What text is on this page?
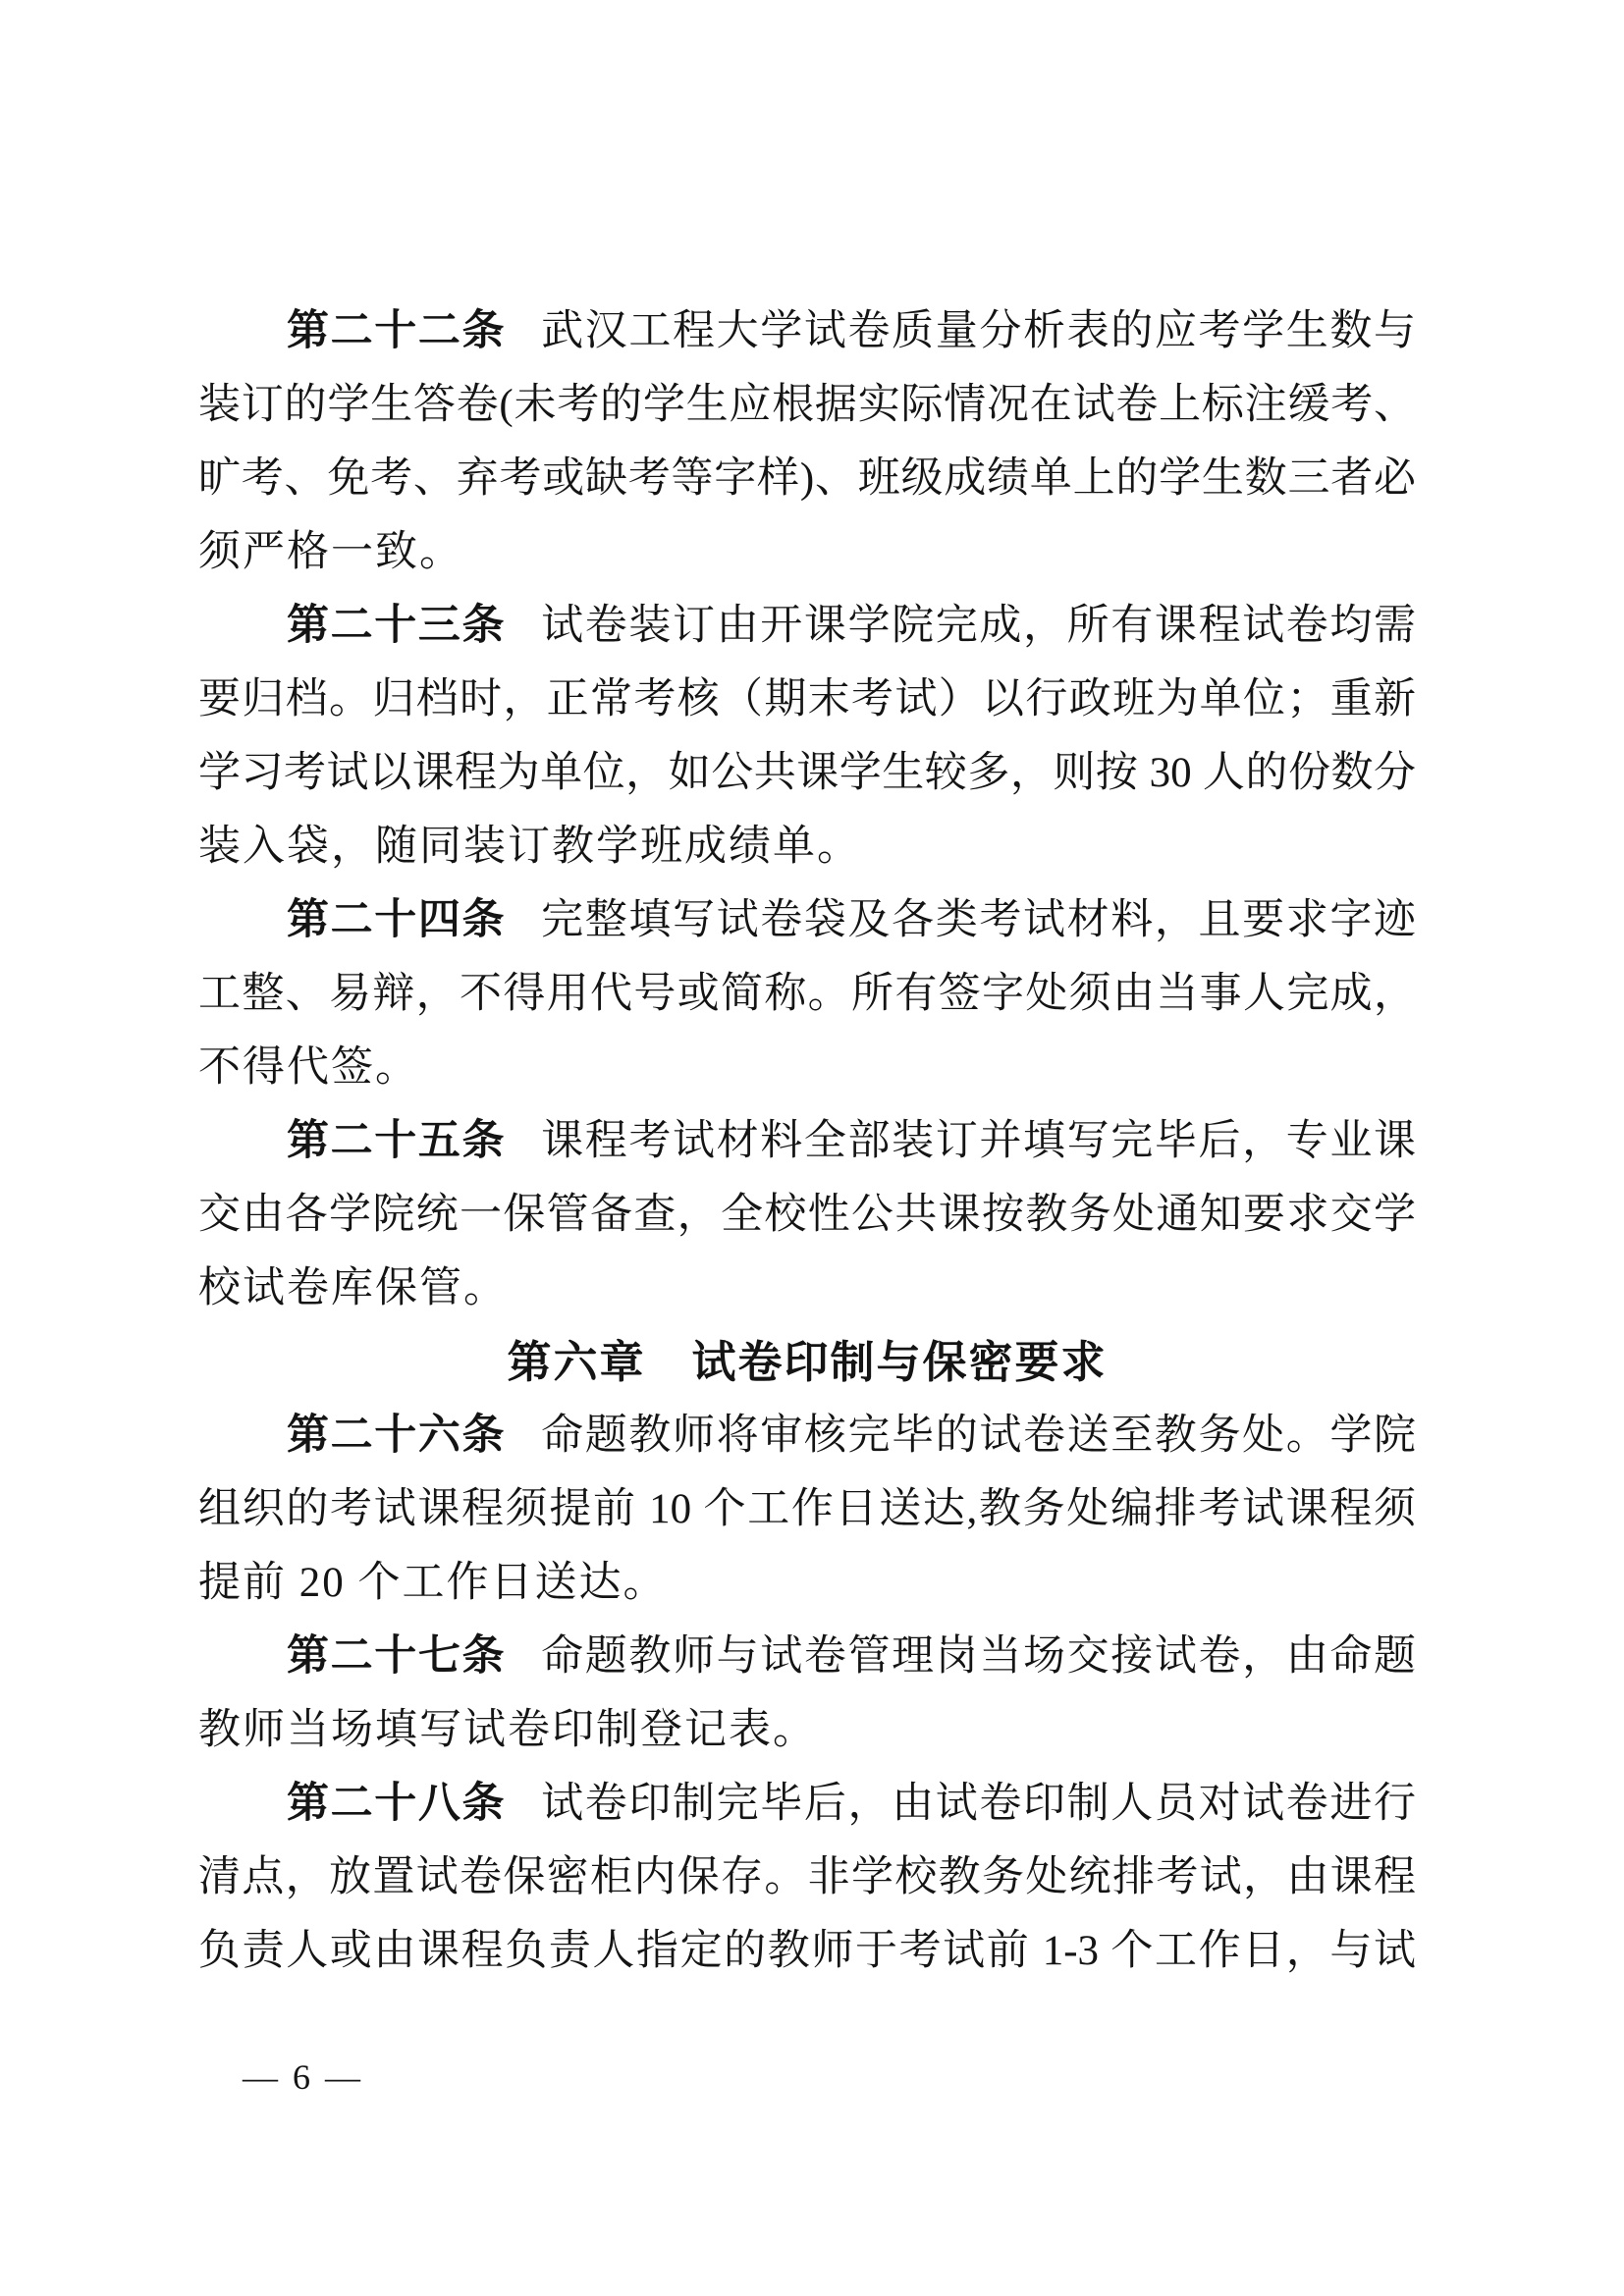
第二十二条 武汉工程大学试卷质量分析表的应考学生数与
装订的学生答卷(未考的学生应根据实际情况在试卷上标注缓考、
旷考、免考、弃考或缺考等字样)、班级成绩单上的学生数三者必
须严格一致。
第二十三条 试卷装订由开课学院完成，所有课程试卷均需
要归档。归档时，正常考核（期末考试）以行政班为单位；重新
学习考试以课程为单位，如公共课学生较多，则按 30 人的份数分
装入袋，随同装订教学班成绩单。
第二十四条 完整填写试卷袋及各类考试材料，且要求字迹
工整、易辩，不得用代号或简称。所有签字处须由当事人完成，
不得代签。
第二十五条 课程考试材料全部装订并填写完毕后，专业课
交由各学院统一保管备查，全校性公共课按教务处通知要求交学
校试卷库保管。
第六章　试卷印制与保密要求
第二十六条 命题教师将审核完毕的试卷送至教务处。学院
组织的考试课程须提前 10 个工作日送达,教务处编排考试课程须
提前 20 个工作日送达。
第二十七条 命题教师与试卷管理岗当场交接试卷，由命题
教师当场填写试卷印制登记表。
第二十八条 试卷印制完毕后，由试卷印制人员对试卷进行
清点，放置试卷保密柜内保存。非学校教务处统排考试，由课程
负责人或由课程负责人指定的教师于考试前 1-3 个工作日，与试
— 6 —
